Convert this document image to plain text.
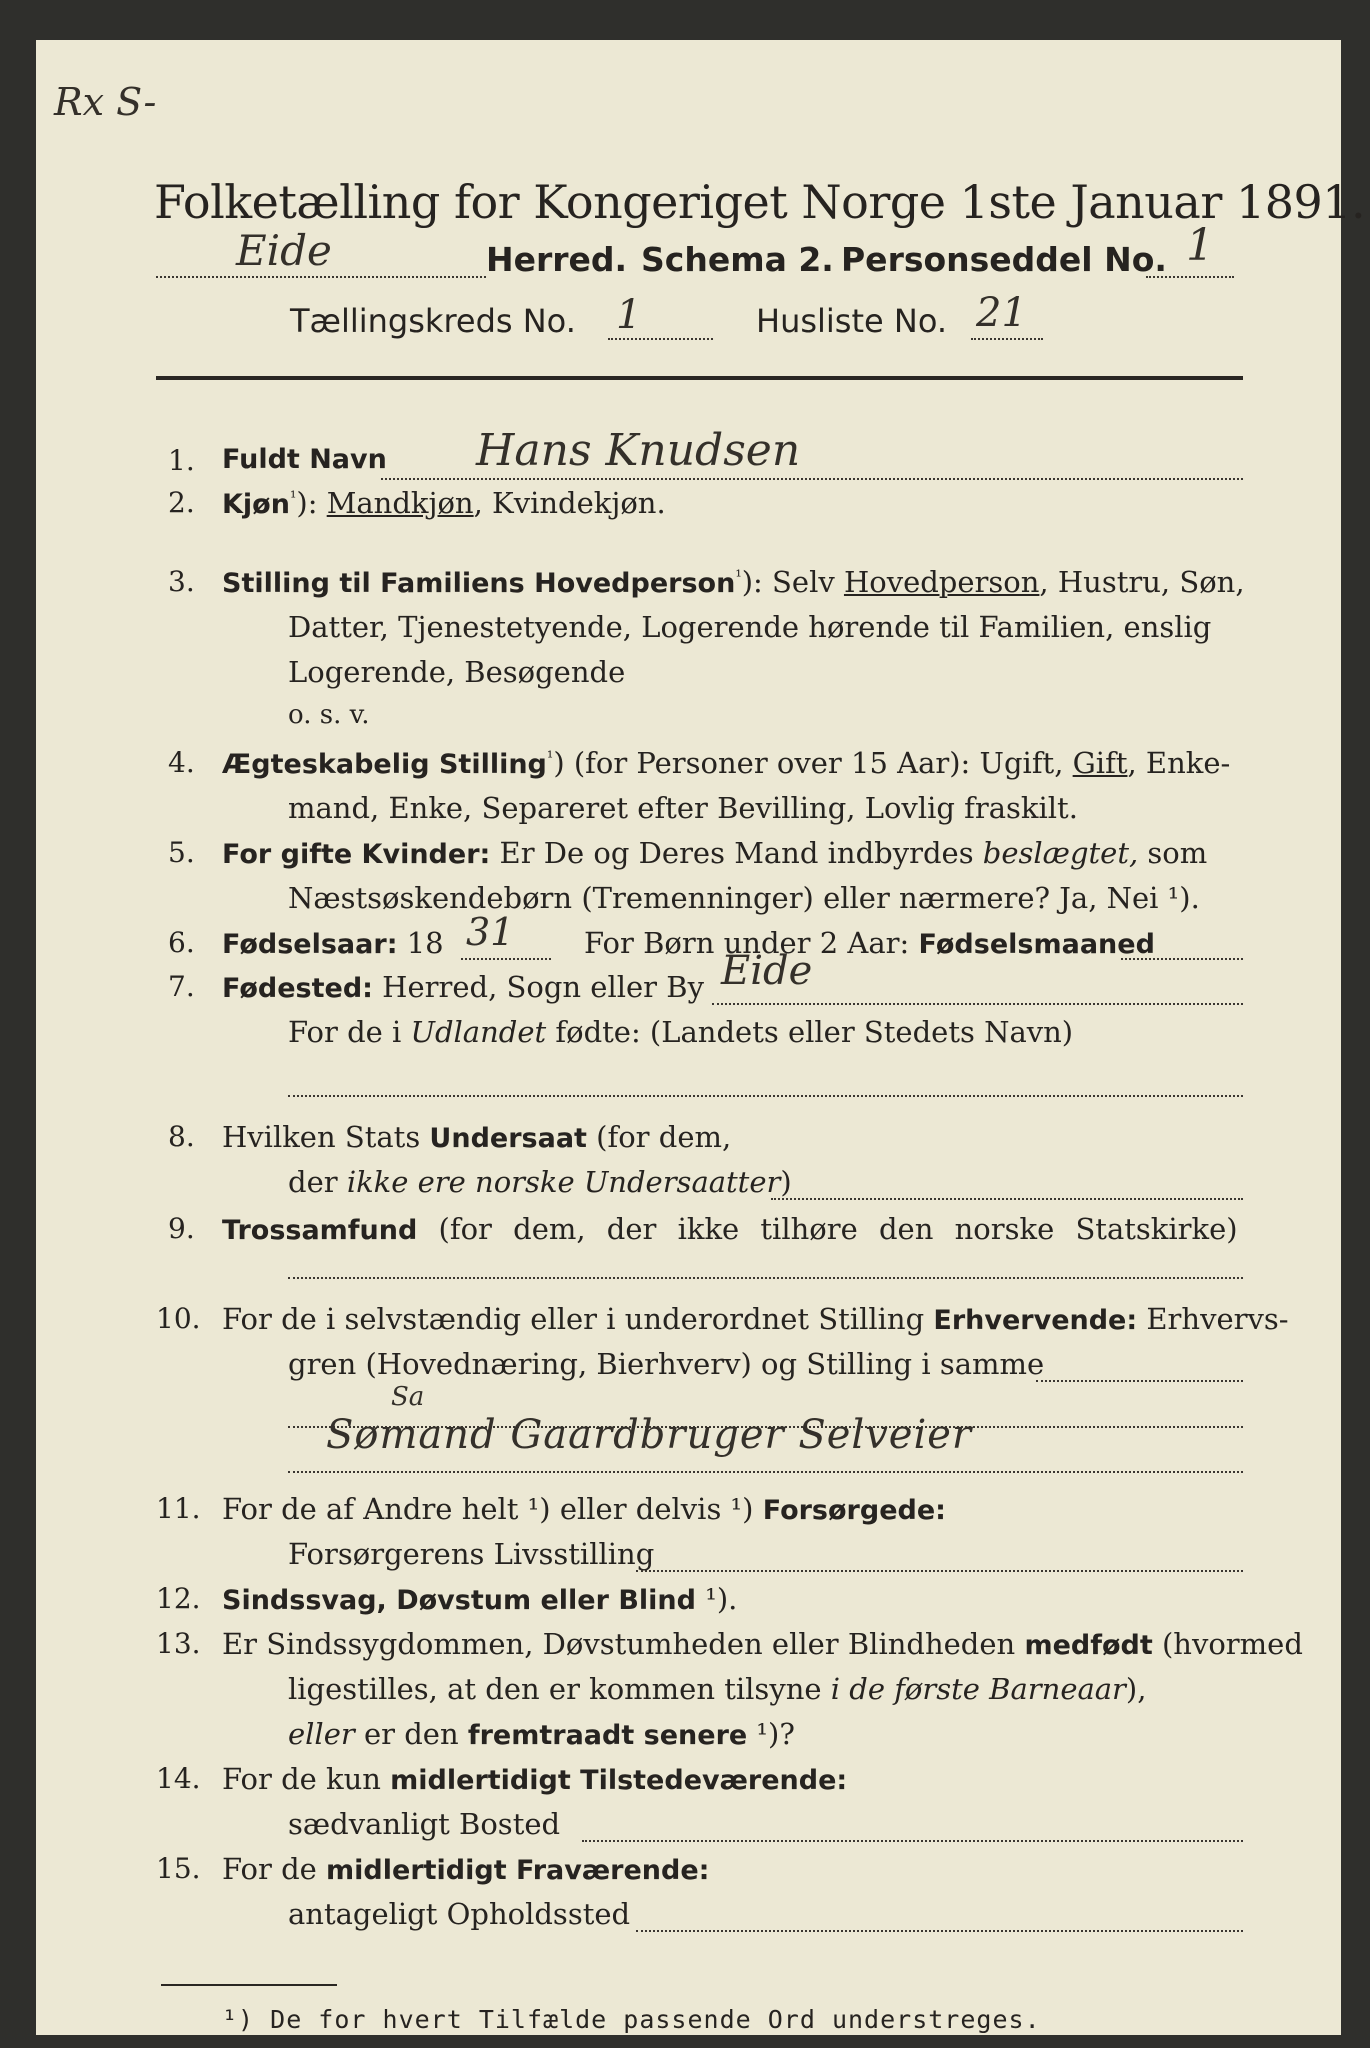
Rx S-
Folketælling for Kongeriget Norge 1ste Januar 1891.
Eide	Herred. Schema 2. Personseddel No. 1
Tællingskreds No. 1	Husliste No. 21
1. Fuldt Navn Hans Knudsen
2. Kjøn$^{^1}$): Mandkjøn, Kvindekjøn.
3. Stilling til Familiens Hovedperson$^{^1}$): Selv Hovedperson, Hustru, Søn,
Datter, Tjenestetyende, Logerende hørende til Familien, enslig
Logerende, Besøgende
o. s. v.
4. Ægteskabelig Stilling$^{^1}$) (for Personer over 15 Aar): Ugift, Gift, Enke-
mand, Enke, Separeret efter Bevilling, Lovlig fraskilt.
5. For gifte Kvinder: Er De og Deres Mand indbyrdes beslægtet, som
Næstsøskendebørn (Tremenninger) eller nærmere? Ja, Nei ¹).
6. Fødselsaar: 18 31 For Børn under 2 Aar: Fødselsmaaned
7. Fødested: Herred, Sogn eller By Eide
For de i Udlandet fødte: (Landets eller Stedets Navn)
8. Hvilken Stats Undersaat (for dem,
der ikke ere norske Undersaatter)
9. Trossamfund (for dem, der ikke tilhøre den norske Statskirke)
10. For de i selvstændig eller i underordnet Stilling Erhvervende: Erhvervs-
gren (Hovednæring, Bierhverv) og Stilling i samme
Sa
Sømand Gaardbruger Selveier
11. For de af Andre helt ¹) eller delvis ¹) Forsørgede:
Forsørgerens Livsstilling
12. Sindssvag, Døvstum eller Blind ¹).
13. Er Sindssygdommen, Døvstumheden eller Blindheden medfødt (hvormed
ligestilles, at den er kommen tilsyne i de første Barneaar),
eller er den fremtraadt senere ¹)?
14. For de kun midlertidigt Tilstedeværende:
sædvanligt Bosted
15. For de midlertidigt Fraværende:
antageligt Opholdssted
¹) De for hvert Tilfælde passende Ord understreges.
